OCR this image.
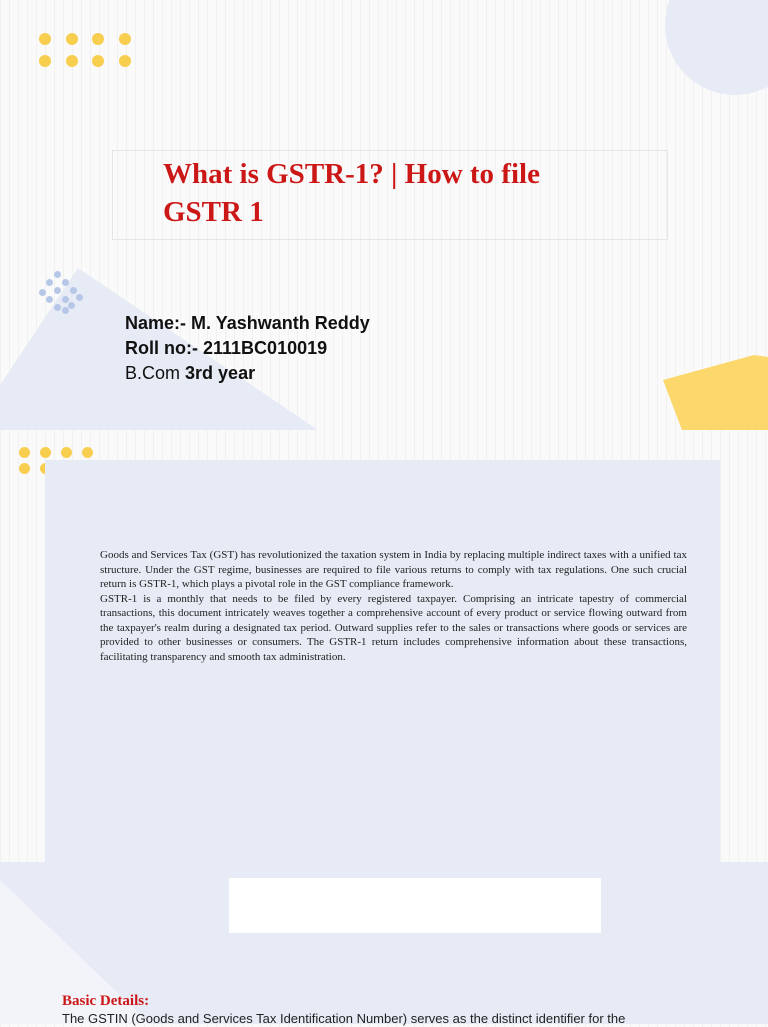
What is GSTR-1? | How to file GSTR 1
Name:- M. Yashwanth Reddy
Roll no:- 2111BC010019
B.Com 3rd year

Goods and Services Tax (GST) has revolutionized the taxation system in India by replacing multiple indirect taxes with a unified tax structure. Under the GST regime, businesses are required to file various returns to comply with tax regulations. One such crucial return is GSTR-1, which plays a pivotal role in the GST compliance framework.

GSTR-1 is a monthly that needs to be filed by every registered taxpayer. Comprising an intricate tapestry of commercial transactions, this document intricately weaves together a comprehensive account of every product or service flowing outward from the taxpayer's realm during a designated tax period. Outward supplies refer to the sales or transactions where goods or services are provided to other businesses or consumers. The GSTR-1 return includes comprehensive information about these transactions, facilitating transparency and smooth tax administration.

Basic Details:

The GSTIN (Goods and Services Tax Identification Number) serves as the distinct identifier for the
